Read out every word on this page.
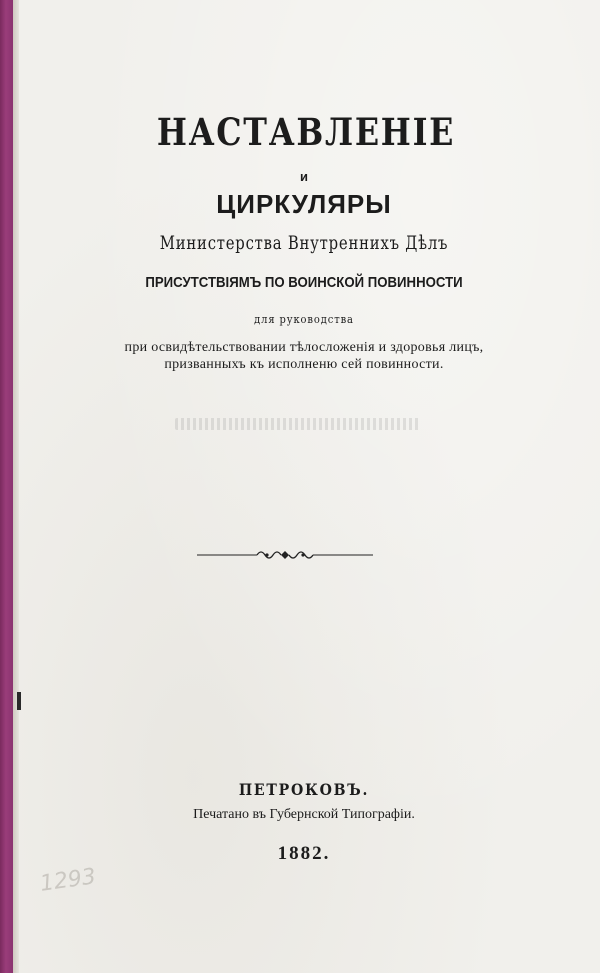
НАСТАВЛЕНІЕ
и
ЦИРКУЛЯРЫ
Министерства Внутреннихъ Дѣлъ
ПРИСУТСТВІЯМЪ ПО ВОИНСКОЙ ПОВИННОСТИ
для руководства
при освидѣтельствовании тѣлосложенія и здоровья лицъ,
призванныхъ къ исполненю сей повинности.
ПЕТРОКОВЪ.
Печатано въ Губернской Типографіи.
1882.
1293
